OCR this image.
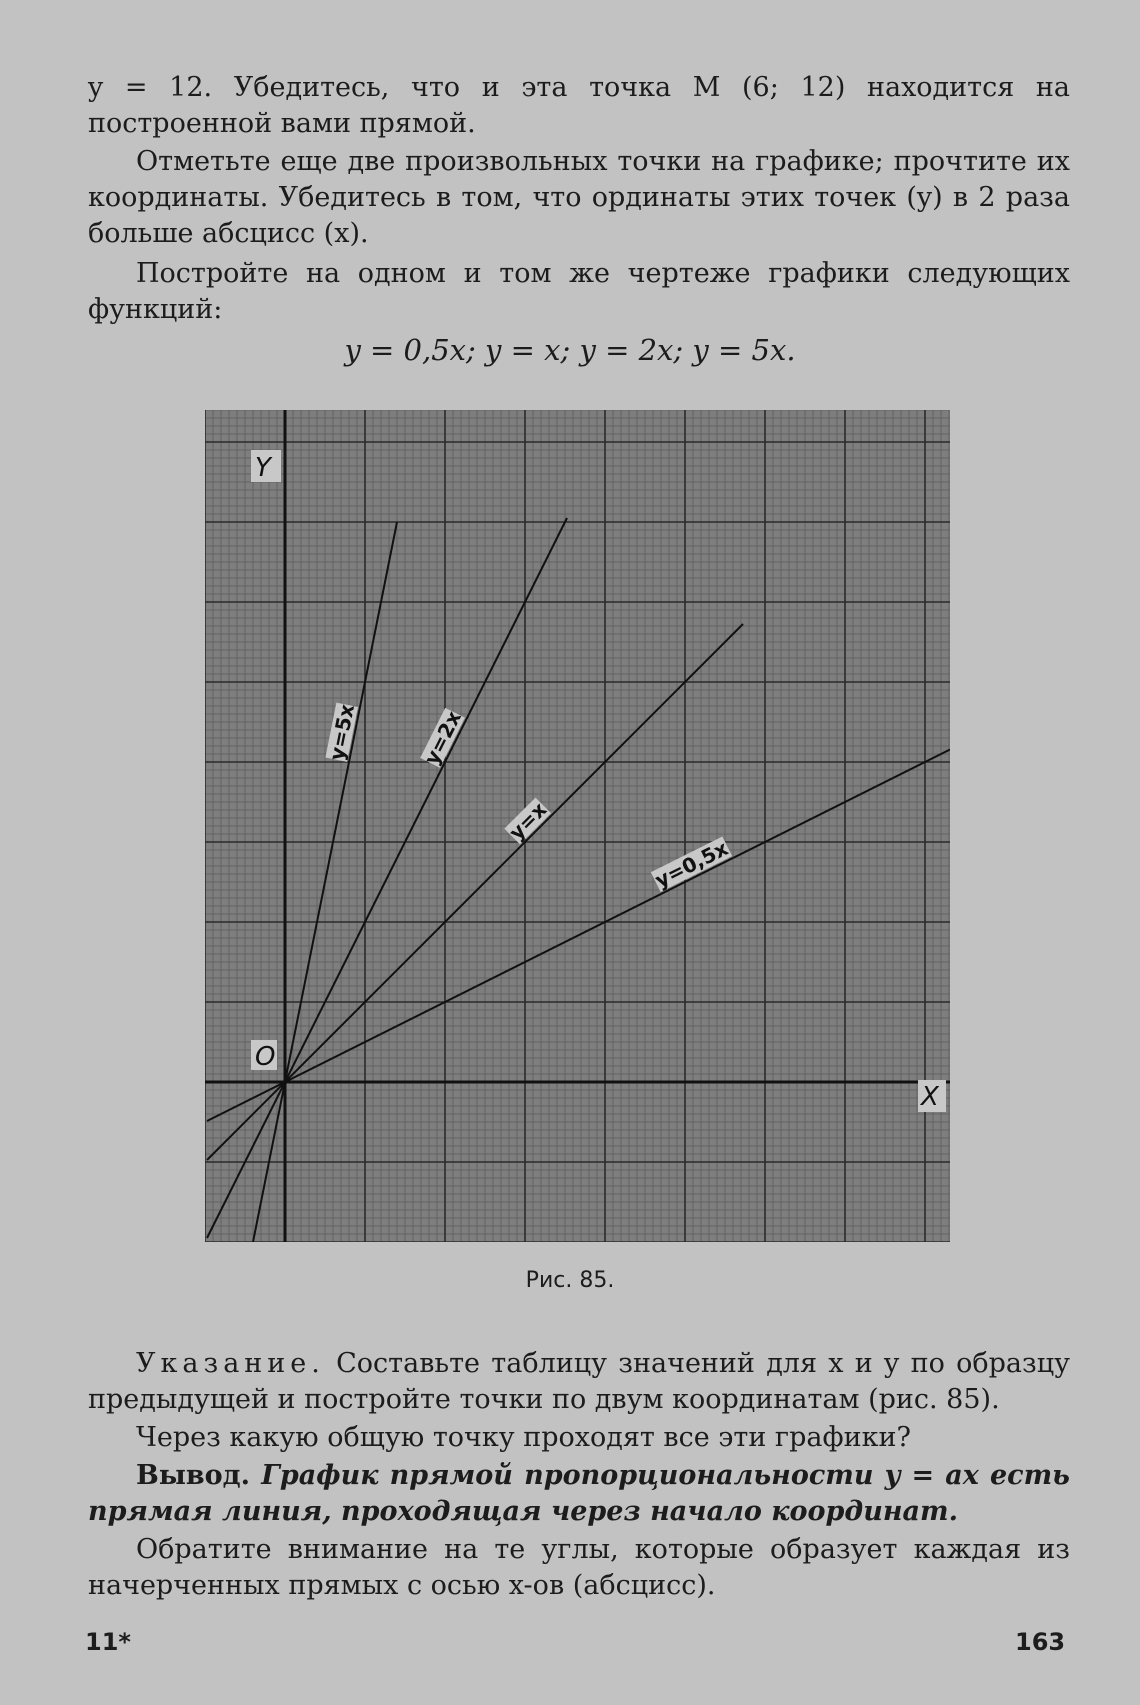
y = 12. Убедитесь, что и эта точка M (6; 12) находится на построенной вами прямой.
Отметьте еще две произвольных точки на графике; прочтите их координаты. Убедитесь в том, что ординаты этих точек (y) в 2 раза больше абсцисс (x).
Постройте на одном и том же чертеже графики следующих функций:
y = 0,5x; y = x; y = 2x; y = 5x.
y=5x	y=2x
y=x
y=0,5x
Y
O
X
Рис. 85.
Указание. Составьте таблицу значений для x и y по образцу предыдущей и постройте точки по двум координатам (рис. 85).
Через какую общую точку проходят все эти графики?
Вывод. График прямой пропорциональности y = ax есть прямая линия, проходящая через начало координат.
Обратите внимание на те углы, которые образует каждая из начерченных прямых с осью x-ов (абсцисс).
11*	163
